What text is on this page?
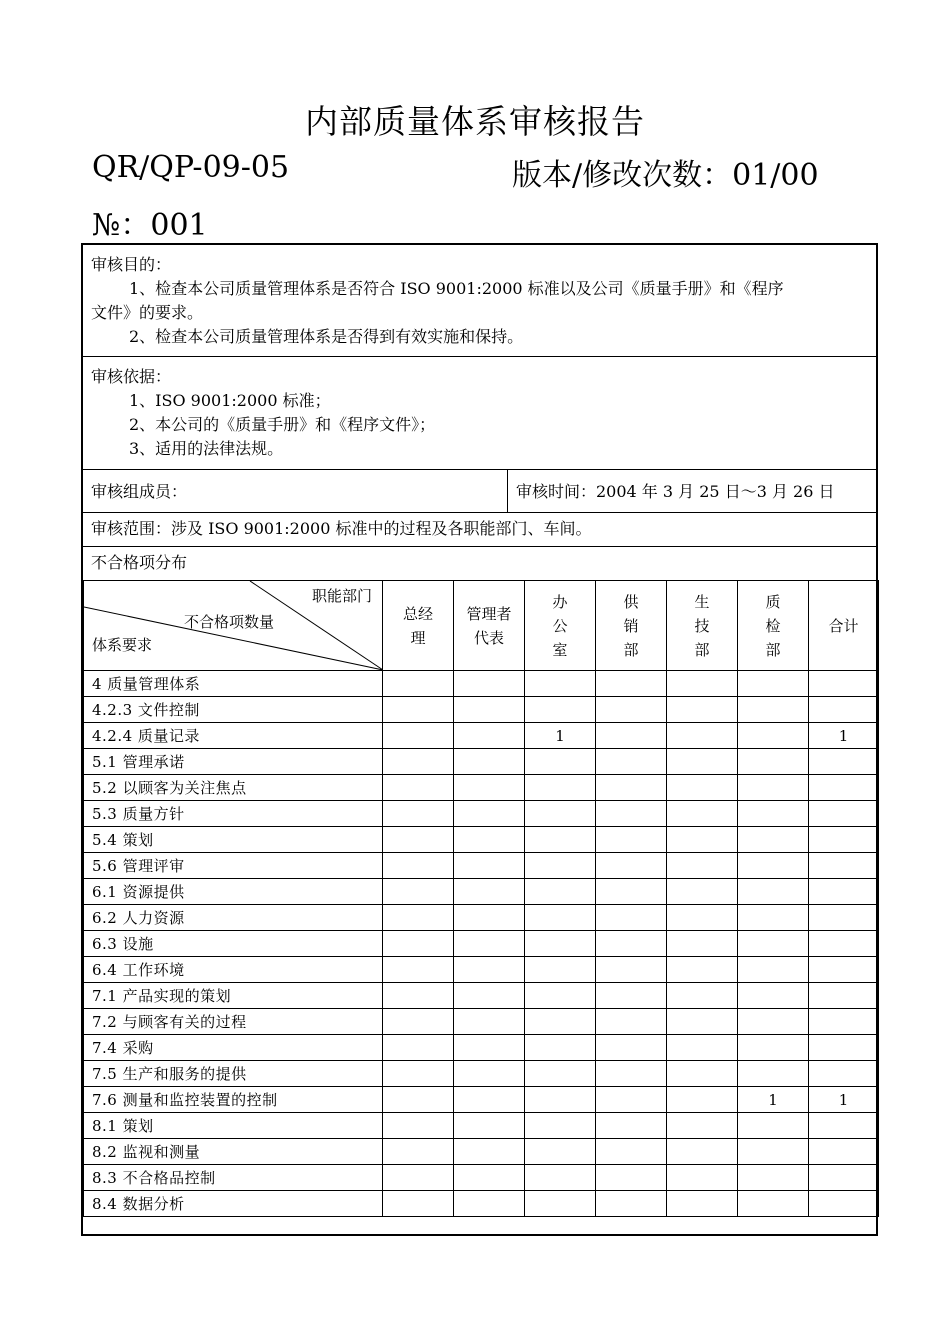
内部质量体系审核报告
QR/QP-09-05	版本/修改次数：01/00
№：001
审核目的：
1、检查本公司质量管理体系是否符合 ISO 9001:2000 标准以及公司《质量手册》和《程序
文件》的要求。
2、检查本公司质量管理体系是否得到有效实施和保持。
审核依据：
1、ISO 9001:2000 标准；
2、本公司的《质量手册》和《程序文件》；
3、适用的法律法规。
审核组成员：	审核时间：2004 年 3 月 25 日～3 月 26 日
审核范围：涉及 ISO 9001:2000 标准中的过程及各职能部门、车间。
不合格项分布
职能部门
不合格项数量
体系要求	总经理	管理者代表	办公室	供销部	生技部	质检部	合计
4 质量管理体系							
4.2.3 文件控制							
4.2.4 质量记录			1				1
5.1 管理承诺							
5.2 以顾客为关注焦点							
5.3 质量方针							
5.4 策划							
5.6 管理评审							
6.1 资源提供							
6.2 人力资源							
6.3 设施							
6.4 工作环境							
7.1 产品实现的策划							
7.2 与顾客有关的过程							
7.4 采购							
7.5 生产和服务的提供							
7.6 测量和监控装置的控制						1	1
8.1 策划							
8.2 监视和测量							
8.3 不合格品控制							
8.4 数据分析							
